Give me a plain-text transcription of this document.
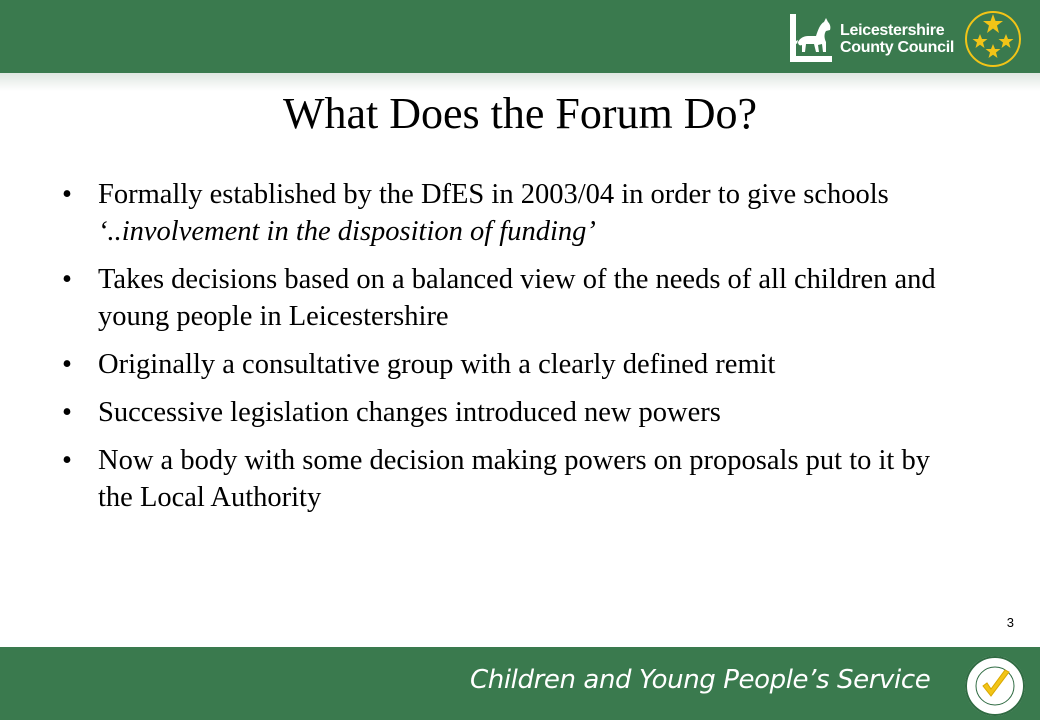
Leicestershire
County Council
What Does the Forum Do?
• Formally established by the DfES in 2003/04 in order to give schools ‘..involvement in the disposition of funding’
• Takes decisions based on a balanced view of the needs of all children and young people in Leicestershire
• Originally a consultative group with a clearly defined remit
• Successive legislation changes introduced new powers
• Now a body with some decision making powers on proposals put to it by the Local Authority
3
Children and Young People’s Service
